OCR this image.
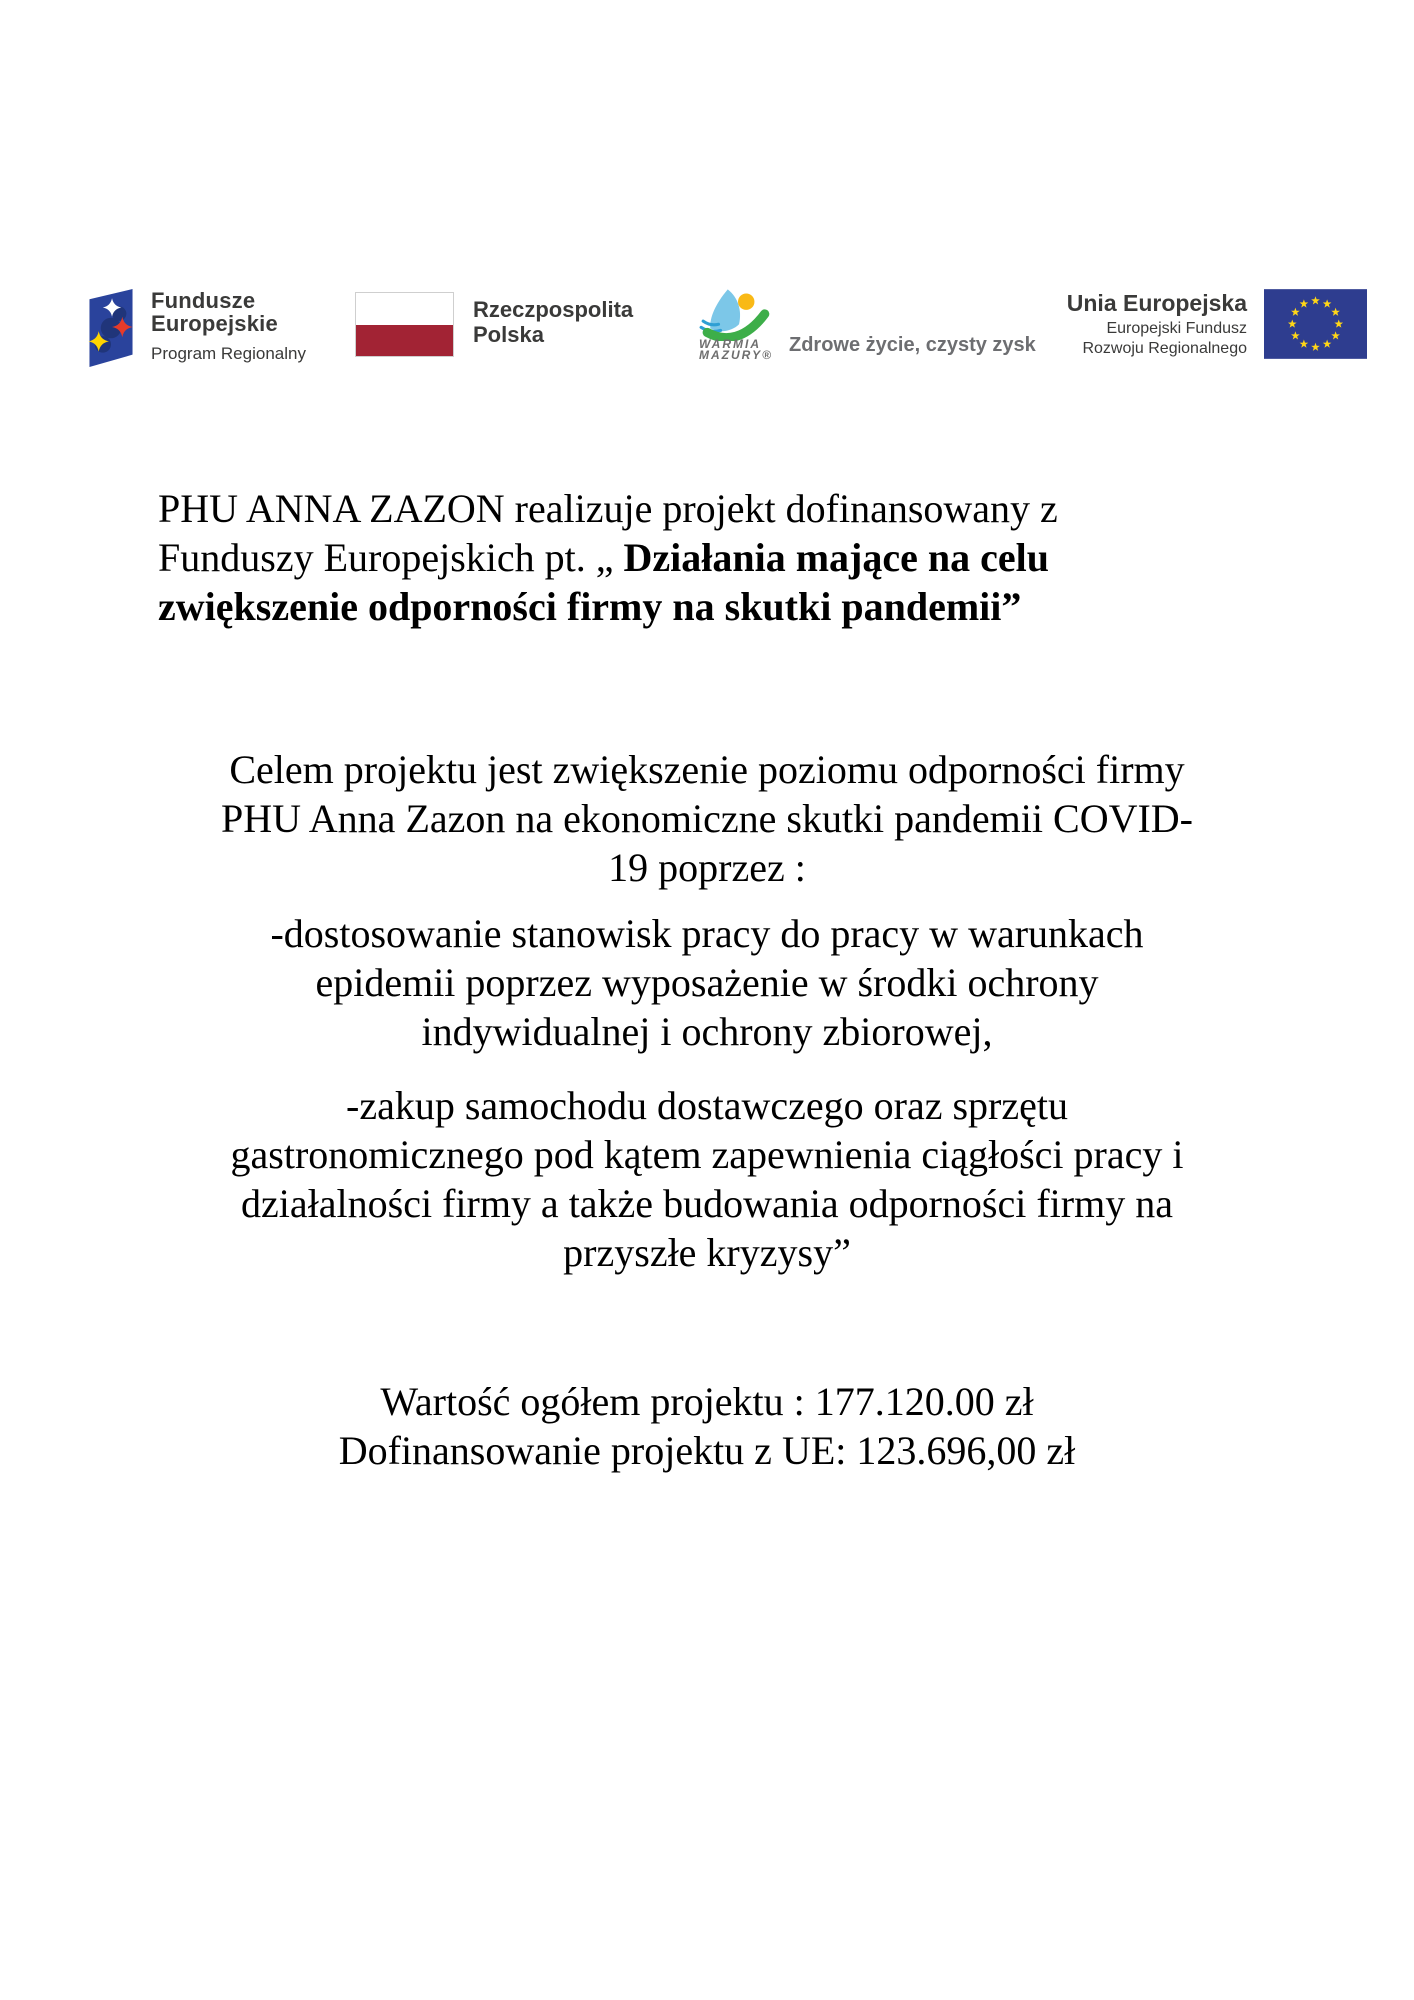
Fundusze
Europejskie
Program Regionalny
Rzeczpospolita
Polska	WARMIA
MAZURY® Zdrowe życie, czysty zysk
Unia Europejska
Europejski Fundusz
Rozwoju Regionalnego
PHU ANNA ZAZON realizuje projekt dofinansowany z
Funduszy Europejskich pt. „ Działania mające na celu
zwiększenie odporności firmy na skutki pandemii”
Celem projektu jest zwiększenie poziomu odporności firmy
PHU Anna Zazon na ekonomiczne skutki pandemii COVID-
19 poprzez :
-dostosowanie stanowisk pracy do pracy w warunkach
epidemii poprzez wyposażenie w środki ochrony
indywidualnej i ochrony zbiorowej,
-zakup samochodu dostawczego oraz sprzętu
gastronomicznego pod kątem zapewnienia ciągłości pracy i
działalności firmy a także budowania odporności firmy na
przyszłe kryzysy”
Wartość ogółem projektu : 177.120.00 zł
Dofinansowanie projektu z UE: 123.696,00 zł
